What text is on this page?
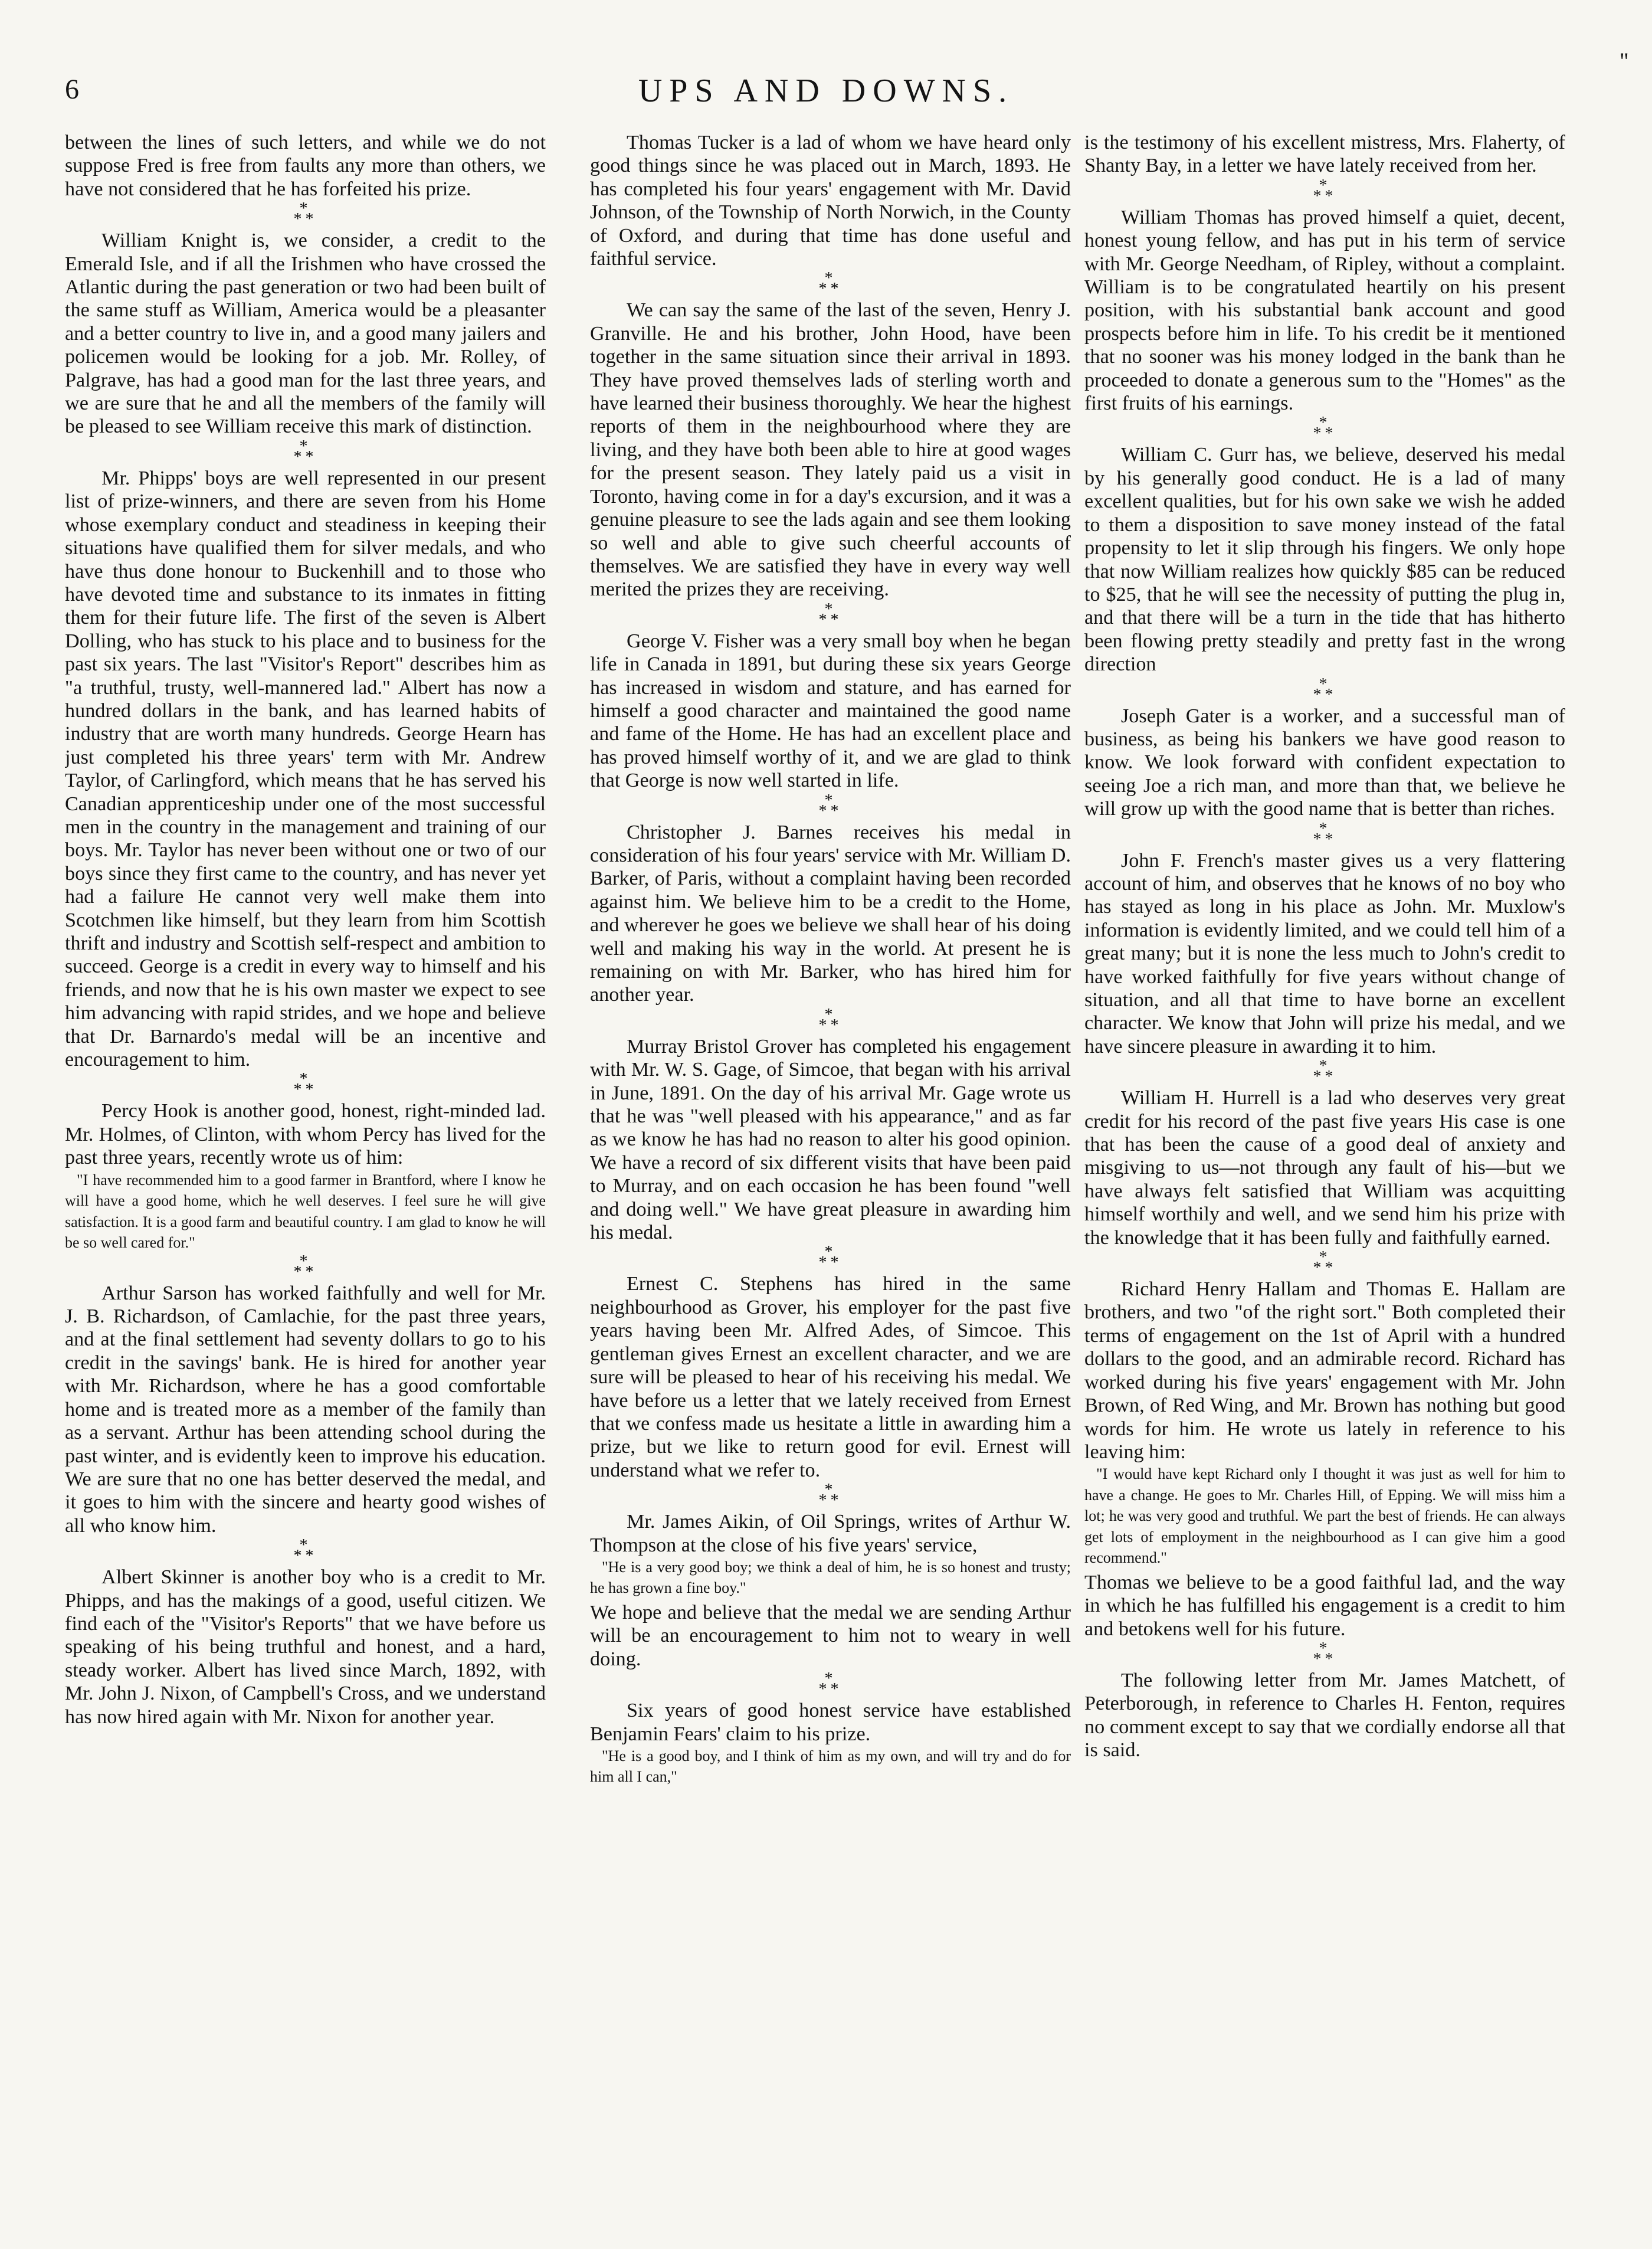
6	UPS AND DOWNS.
''

between the lines of such letters, and while we do not suppose Fred is free from faults any more than others, we have not considered that he has forfeited his prize.

*
**

William Knight is, we consider, a credit to the Emerald Isle, and if all the Irishmen who have crossed the Atlantic during the past generation or two had been built of the same stuff as William, America would be a pleasanter and a better country to live in, and a good many jailers and policemen would be looking for a job. Mr. Rolley, of Palgrave, has had a good man for the last three years, and we are sure that he and all the members of the family will be pleased to see William receive this mark of distinction.

*
**

Mr. Phipps' boys are well represented in our present list of prize-winners, and there are seven from his Home whose exemplary conduct and steadiness in keeping their situations have qualified them for silver medals, and who have thus done honour to Buckenhill and to those who have devoted time and substance to its inmates in fitting them for their future life. The first of the seven is Albert Dolling, who has stuck to his place and to business for the past six years. The last "Visitor's Report" describes him as "a truthful, trusty, well-mannered lad." Albert has now a hundred dollars in the bank, and has learned habits of industry that are worth many hundreds. George Hearn has just completed his three years' term with Mr. Andrew Taylor, of Carlingford, which means that he has served his Canadian apprenticeship under one of the most successful men in the country in the management and training of our boys. Mr. Taylor has never been without one or two of our boys since they first came to the country, and has never yet had a failure He cannot very well make them into Scotchmen like himself, but they learn from him Scottish thrift and industry and Scottish self-respect and ambition to succeed. George is a credit in every way to himself and his friends, and now that he is his own master we expect to see him advancing with rapid strides, and we hope and believe that Dr. Barnardo's medal will be an incentive and encouragement to him.

*
**

Percy Hook is another good, honest, right-minded lad. Mr. Holmes, of Clinton, with whom Percy has lived for the past three years, recently wrote us of him:

"I have recommended him to a good farmer in Brantford, where I know he will have a good home, which he well deserves. I feel sure he will give satisfaction. It is a good farm and beautiful country. I am glad to know he will be so well cared for."
*
**

Arthur Sarson has worked faithfully and well for Mr. J. B. Richardson, of Camlachie, for the past three years, and at the final settlement had seventy dollars to go to his credit in the savings' bank. He is hired for another year with Mr. Richardson, where he has a good comfortable home and is treated more as a member of the family than as a servant. Arthur has been attending school during the past winter, and is evidently keen to improve his education. We are sure that no one has better deserved the medal, and it goes to him with the sincere and hearty good wishes of all who know him.

*
**

Albert Skinner is another boy who is a credit to Mr. Phipps, and has the makings of a good, useful citizen. We find each of the "Visitor's Reports" that we have before us speaking of his being truthful and honest, and a hard, steady worker. Albert has lived since March, 1892, with Mr. John J. Nixon, of Campbell's Cross, and we understand has now hired again with Mr. Nixon for another year.

Thomas Tucker is a lad of whom we have heard only good things since he was placed out in March, 1893. He has completed his four years' engagement with Mr. David Johnson, of the Township of North Norwich, in the County of Oxford, and during that time has done useful and faithful service.

*
**

We can say the same of the last of the seven, Henry J. Granville. He and his brother, John Hood, have been together in the same situation since their arrival in 1893. They have proved themselves lads of sterling worth and have learned their business thoroughly. We hear the highest reports of them in the neighbourhood where they are living, and they have both been able to hire at good wages for the present season. They lately paid us a visit in Toronto, having come in for a day's excursion, and it was a genuine pleasure to see the lads again and see them looking so well and able to give such cheerful accounts of themselves. We are satisfied they have in every way well merited the prizes they are receiving.

*
**

George V. Fisher was a very small boy when he began life in Canada in 1891, but during these six years George has increased in wisdom and stature, and has earned for himself a good character and maintained the good name and fame of the Home. He has had an excellent place and has proved himself worthy of it, and we are glad to think that George is now well started in life.

*
**

Christopher J. Barnes receives his medal in consideration of his four years' service with Mr. William D. Barker, of Paris, without a complaint having been recorded against him. We believe him to be a credit to the Home, and wherever he goes we believe we shall hear of his doing well and making his way in the world. At present he is remaining on with Mr. Barker, who has hired him for another year.

*
**

Murray Bristol Grover has completed his engagement with Mr. W. S. Gage, of Simcoe, that began with his arrival in June, 1891. On the day of his arrival Mr. Gage wrote us that he was "well pleased with his appearance," and as far as we know he has had no reason to alter his good opinion. We have a record of six different visits that have been paid to Murray, and on each occasion he has been found "well and doing well." We have great pleasure in awarding him his medal.

*
**

Ernest C. Stephens has hired in the same neighbourhood as Grover, his employer for the past five years having been Mr. Alfred Ades, of Simcoe. This gentleman gives Ernest an excellent character, and we are sure will be pleased to hear of his receiving his medal. We have before us a letter that we lately received from Ernest that we confess made us hesitate a little in awarding him a prize, but we like to return good for evil. Ernest will understand what we refer to.

*
**

Mr. James Aikin, of Oil Springs, writes of Arthur W. Thompson at the close of his five years' service,

"He is a very good boy; we think a deal of him, he is so honest and trusty; he has grown a fine boy."

We hope and believe that the medal we are sending Arthur will be an encouragement to him not to weary in well doing.

*
**

Six years of good honest service have established Benjamin Fears' claim to his prize.

"He is a good boy, and I think of him as my own, and will try and do for him all I can,"

is the testimony of his excellent mistress, Mrs. Flaherty, of Shanty Bay, in a letter we have lately received from her.

*
**

William Thomas has proved himself a quiet, decent, honest young fellow, and has put in his term of service with Mr. George Needham, of Ripley, without a complaint. William is to be congratulated heartily on his present position, with his substantial bank account and good prospects before him in life. To his credit be it mentioned that no sooner was his money lodged in the bank than he proceeded to donate a generous sum to the "Homes" as the first fruits of his earnings.

*
**

William C. Gurr has, we believe, deserved his medal by his generally good conduct. He is a lad of many excellent qualities, but for his own sake we wish he added to them a disposition to save money instead of the fatal propensity to let it slip through his fingers. We only hope that now William realizes how quickly $85 can be reduced to $25, that he will see the necessity of putting the plug in, and that there will be a turn in the tide that has hitherto been flowing pretty steadily and pretty fast in the wrong direction

*
**

Joseph Gater is a worker, and a successful man of business, as being his bankers we have good reason to know. We look forward with confident expectation to seeing Joe a rich man, and more than that, we believe he will grow up with the good name that is better than riches.

*
**

John F. French's master gives us a very flattering account of him, and observes that he knows of no boy who has stayed as long in his place as John. Mr. Muxlow's information is evidently limited, and we could tell him of a great many; but it is none the less much to John's credit to have worked faithfully for five years without change of situation, and all that time to have borne an excellent character. We know that John will prize his medal, and we have sincere pleasure in awarding it to him.

*
**

William H. Hurrell is a lad who deserves very great credit for his record of the past five years His case is one that has been the cause of a good deal of anxiety and misgiving to us—not through any fault of his—but we have always felt satisfied that William was acquitting himself worthily and well, and we send him his prize with the knowledge that it has been fully and faithfully earned.

*
**

Richard Henry Hallam and Thomas E. Hallam are brothers, and two "of the right sort." Both completed their terms of engagement on the 1st of April with a hundred dollars to the good, and an admirable record. Richard has worked during his five years' engagement with Mr. John Brown, of Red Wing, and Mr. Brown has nothing but good words for him. He wrote us lately in reference to his leaving him:

"I would have kept Richard only I thought it was just as well for him to have a change. He goes to Mr. Charles Hill, of Epping. We will miss him a lot; he was very good and truthful. We part the best of friends. He can always get lots of employment in the neighbourhood as I can give him a good recommend."

Thomas we believe to be a good faithful lad, and the way in which he has fulfilled his engagement is a credit to him and betokens well for his future.

*
**

The following letter from Mr. James Matchett, of Peterborough, in reference to Charles H. Fenton, requires no comment except to say that we cordially endorse all that is said.
